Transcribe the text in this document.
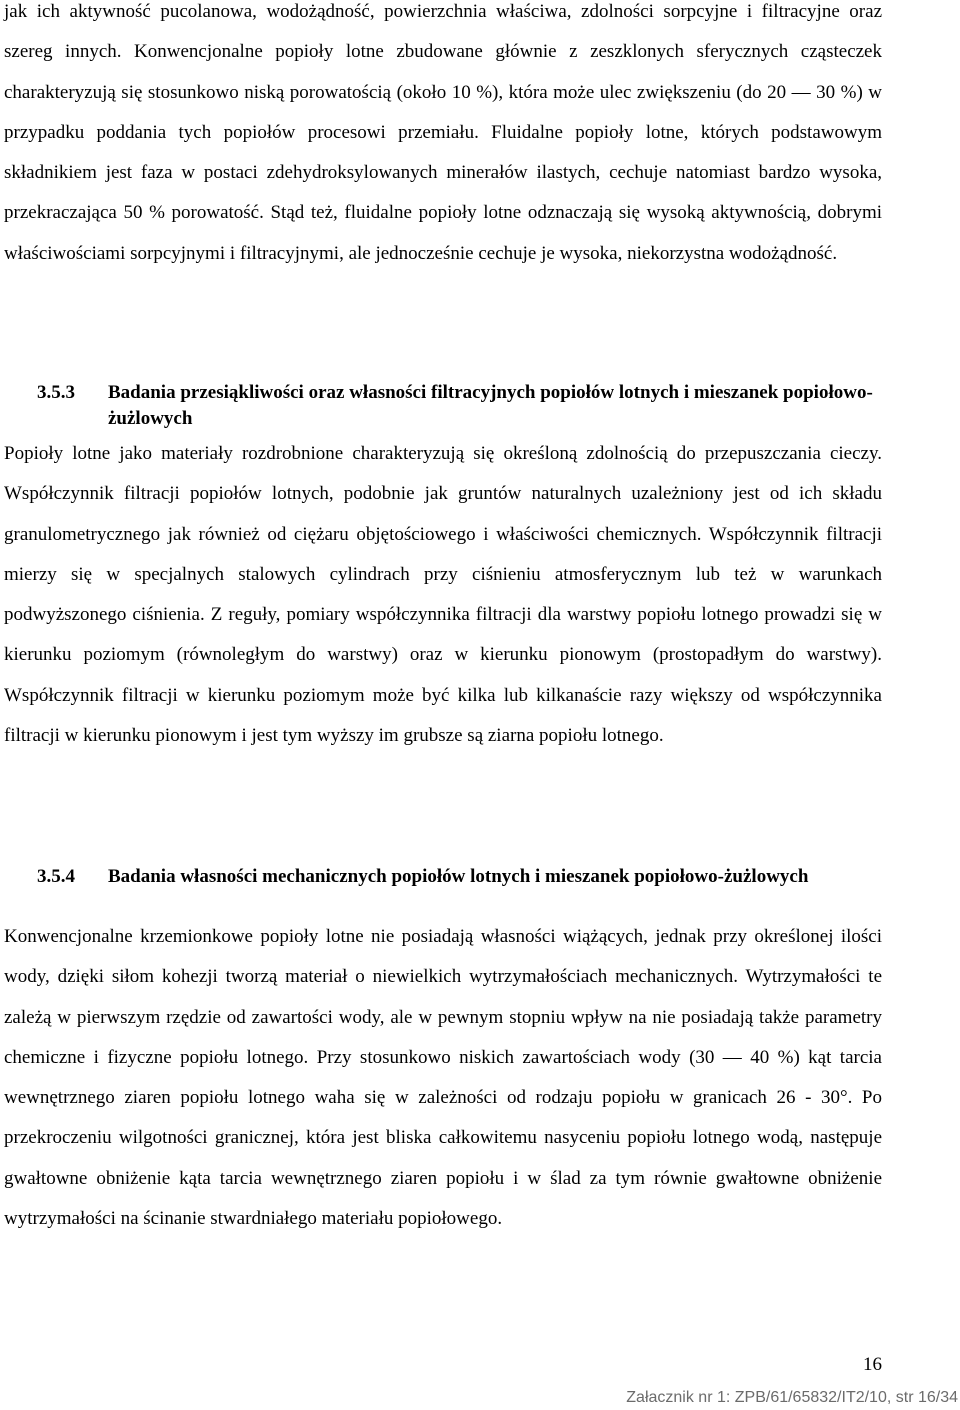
jak ich aktywność pucolanowa, wodożądność, powierzchnia właściwa, zdolności sorpcyjne i filtracyjne oraz szereg innych. Konwencjonalne popioły lotne zbudowane głównie z zeszklonych sferycznych cząsteczek charakteryzują się stosunkowo niską porowatością (około 10 %), która może ulec zwiększeniu (do 20 — 30 %) w przypadku poddania tych popiołów procesowi przemiału. Fluidalne popioły lotne, których podstawowym składnikiem jest faza w postaci zdehydroksylowanych minerałów ilastych, cechuje natomiast bardzo wysoka, przekraczająca 50 % porowatość. Stąd też, fluidalne popioły lotne odznaczają się wysoką aktywnością, dobrymi właściwościami sorpcyjnymi i filtracyjnymi, ale jednocześnie cechuje je wysoka, niekorzystna wodożądność.

3.5.3 Badania przesiąkliwości oraz własności filtracyjnych popiołów lotnych i mieszanek popiołowo-żużlowych

Popioły lotne jako materiały rozdrobnione charakteryzują się określoną zdolnością do przepuszczania cieczy. Współczynnik filtracji popiołów lotnych, podobnie jak gruntów naturalnych uzależniony jest od ich składu granulometrycznego jak również od ciężaru objętościowego i właściwości chemicznych. Współczynnik filtracji mierzy się w specjalnych stalowych cylindrach przy ciśnieniu atmosferycznym lub też w warunkach podwyższonego ciśnienia. Z reguły, pomiary współczynnika filtracji dla warstwy popiołu lotnego prowadzi się w kierunku poziomym (równoległym do warstwy) oraz w kierunku pionowym (prostopadłym do warstwy). Współczynnik filtracji w kierunku poziomym może być kilka lub kilkanaście razy większy od współczynnika filtracji w kierunku pionowym i jest tym wyższy im grubsze są ziarna popiołu lotnego.

3.5.4 Badania własności mechanicznych popiołów lotnych i mieszanek popiołowo-żużlowych

Konwencjonalne krzemionkowe popioły lotne nie posiadają własności wiążących, jednak przy określonej ilości wody, dzięki siłom kohezji tworzą materiał o niewielkich wytrzymałościach mechanicznych. Wytrzymałości te zależą w pierwszym rzędzie od zawartości wody, ale w pewnym stopniu wpływ na nie posiadają także parametry chemiczne i fizyczne popiołu lotnego. Przy stosunkowo niskich zawartościach wody (30 — 40 %) kąt tarcia wewnętrznego ziaren popiołu lotnego waha się w zależności od rodzaju popiołu w granicach 26 - 30°. Po przekroczeniu wilgotności granicznej, która jest bliska całkowitemu nasyceniu popiołu lotnego wodą, następuje gwałtowne obniżenie kąta tarcia wewnętrznego ziaren popiołu i w ślad za tym równie gwałtowne obniżenie wytrzymałości na ścinanie stwardniałego materiału popiołowego.

16

Załacznik nr 1: ZPB/61/65832/IT2/10, str 16/34
